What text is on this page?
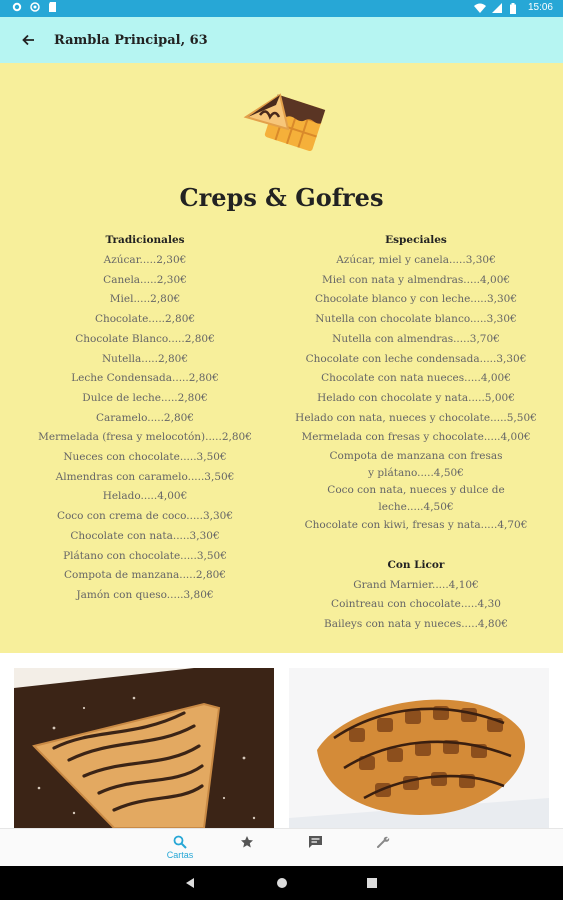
15:06
Rambla Principal, 63
Creps & Gofres
Tradicionales
Azúcar.....2,30€
Canela.....2,30€
Miel.....2,80€
Chocolate.....2,80€
Chocolate Blanco.....2,80€
Nutella.....2,80€
Leche Condensada.....2,80€
Dulce de leche.....2,80€
Caramelo.....2,80€
Mermelada (fresa y melocotón).....2,80€
Nueces con chocolate.....3,50€
Almendras con caramelo.....3,50€
Helado.....4,00€
Coco con crema de coco.....3,30€
Chocolate con nata.....3,30€
Plátano con chocolate.....3,50€
Compota de manzana.....2,80€
Jamón con queso.....3,80€
Especiales
Azúcar, miel y canela.....3,30€
Miel con nata y almendras.....4,00€
Chocolate blanco y con leche.....3,30€
Nutella con chocolate blanco.....3,30€
Nutella con almendras.....3,70€
Chocolate con leche condensada.....3,30€
Chocolate con nata nueces.....4,00€
Helado con chocolate y nata.....5,00€
Helado con nata, nueces y chocolate.....5,50€
Mermelada con fresas y chocolate.....4,00€
Compota de manzana con fresas y plátano.....4,50€
Coco con nata, nueces y dulce de leche.....4,50€
Chocolate con kiwi, fresas y nata.....4,70€
Con Licor
Grand Marnier.....4,10€
Cointreau con chocolate.....4,30
Baileys con nata y nueces.....4,80€
Cartas
